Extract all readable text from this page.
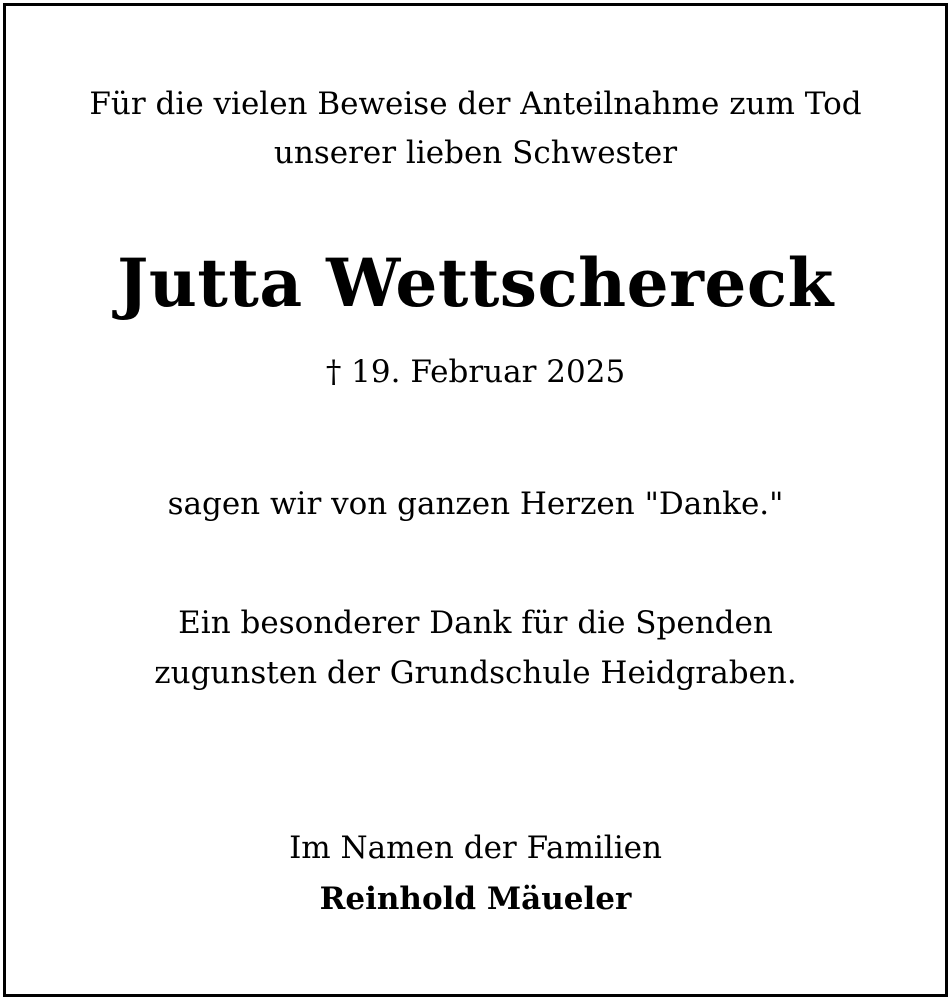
Für die vielen Beweise der Anteilnahme zum Tod
unserer lieben Schwester
Jutta Wettschereck
† 19. Februar 2025
sagen wir von ganzen Herzen "Danke."
Ein besonderer Dank für die Spenden
zugunsten der Grundschule Heidgraben.
Im Namen der Familien
Reinhold Mäueler
